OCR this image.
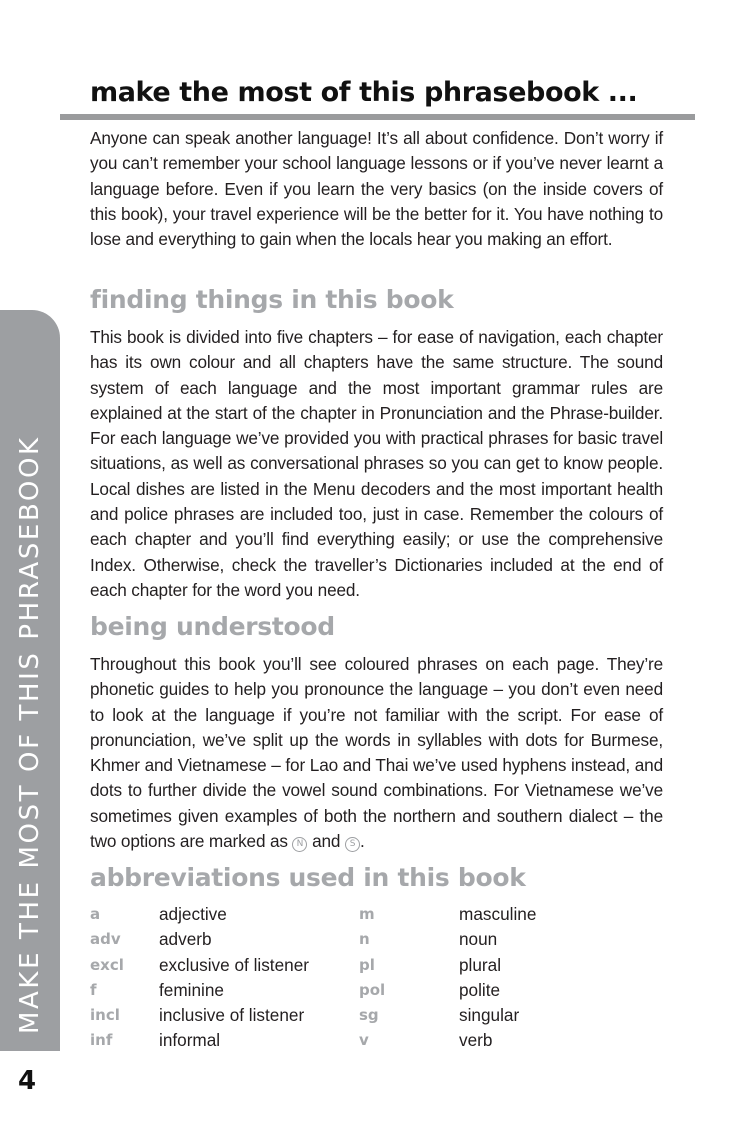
make the most of this phrasebook ...

Anyone can speak another language! It’s all about confidence. Don’t worry if you can’t remember your school language lessons or if you’ve never learnt a language before. Even if you learn the very basics (on the inside covers of this book), your travel experience will be the better for it. You have nothing to lose and everything to gain when the locals hear you making an effort.

finding things in this book

This book is divided into five chapters – for ease of navigation, each chapter has its own colour and all chapters have the same structure. The sound system of each language and the most important grammar rules are explained at the start of the chapter in Pronunciation and the Phrase-builder. For each language we’ve provided you with practical phrases for basic travel situations, as well as conversational phrases so you can get to know people. Local dishes are listed in the Menu decoders and the most important health and police phrases are included too, just in case. Remember the colours of each chapter and you’ll find everything easily; or use the comprehensive Index. Otherwise, check the traveller’s Dictionaries included at the end of each chapter for the word you need.

being understood

Throughout this book you’ll see coloured phrases on each page. They’re phonetic guides to help you pronounce the language – you don’t even need to look at the language if you’re not familiar with the script. For ease of pronunciation, we’ve split up the words in syllables with dots for Burmese, Khmer and Vietnamese – for Lao and Thai we’ve used hyphens instead, and dots to further divide the vowel sound combinations. For Vietnamese we’ve sometimes given examples of both the northern and southern dialect – the two options are marked as N and S .

abbreviations used in this book
a	adjective	m	masculine
adv adverb	n	noun
excl exclusive of listener	pl	plural
f	feminine	pol	polite
incl inclusive of listener	sg	singular
inf	informal	v	verb
MAKE THE MOST OF THIS PHRASEBOOK
4
